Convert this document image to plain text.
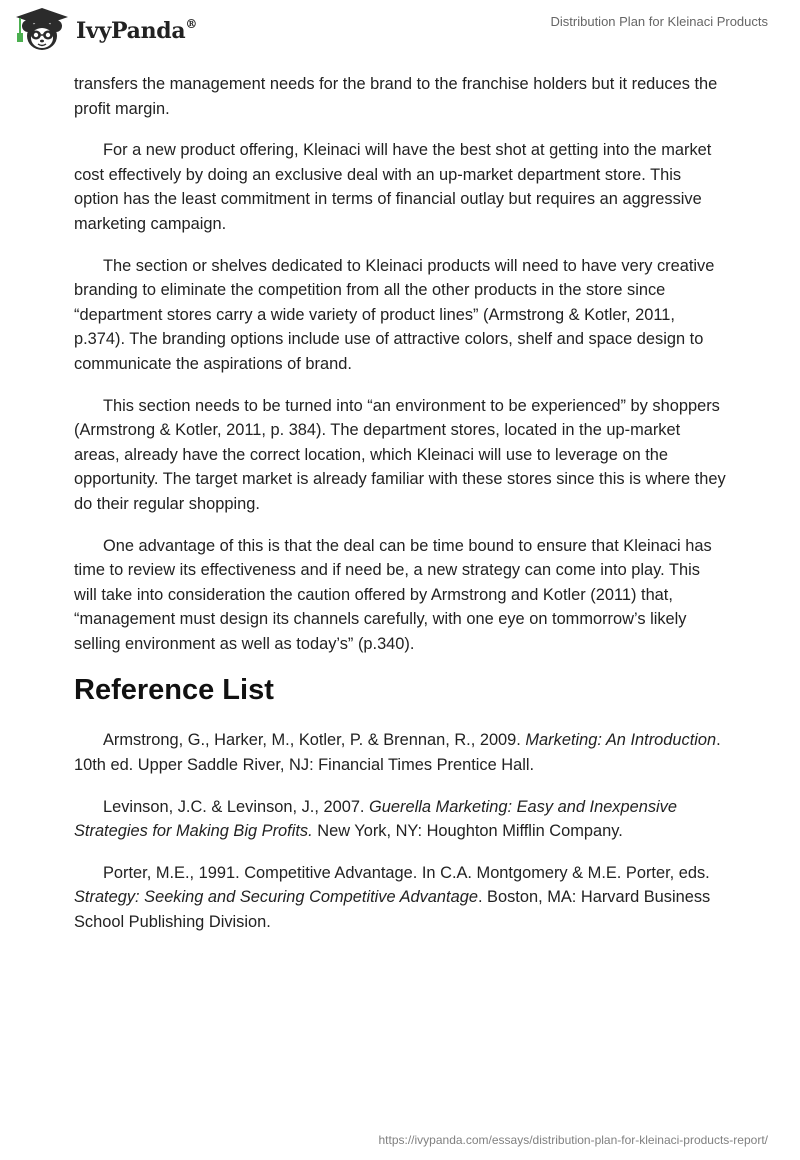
IvyPanda®	Distribution Plan for Kleinaci Products

transfers the management needs for the brand to the franchise holders but it reduces the profit margin.

For a new product offering, Kleinaci will have the best shot at getting into the market cost effectively by doing an exclusive deal with an up-market department store. This option has the least commitment in terms of financial outlay but requires an aggressive marketing campaign.

The section or shelves dedicated to Kleinaci products will need to have very creative branding to eliminate the competition from all the other products in the store since “department stores carry a wide variety of product lines” (Armstrong & Kotler, 2011, p.374). The branding options include use of attractive colors, shelf and space design to communicate the aspirations of brand.

This section needs to be turned into “an environment to be experienced” by shoppers (Armstrong & Kotler, 2011, p. 384). The department stores, located in the up-market areas, already have the correct location, which Kleinaci will use to leverage on the opportunity. The target market is already familiar with these stores since this is where they do their regular shopping.

One advantage of this is that the deal can be time bound to ensure that Kleinaci has time to review its effectiveness and if need be, a new strategy can come into play. This will take into consideration the caution offered by Armstrong and Kotler (2011) that, “management must design its channels carefully, with one eye on tommorrow’s likely selling environment as well as today’s” (p.340).

Reference List

Armstrong, G., Harker, M., Kotler, P. & Brennan, R., 2009. Marketing: An Introduction. 10th ed. Upper Saddle River, NJ: Financial Times Prentice Hall.

Levinson, J.C. & Levinson, J., 2007. Guerella Marketing: Easy and Inexpensive Strategies for Making Big Profits. New York, NY: Houghton Mifflin Company.

Porter, M.E., 1991. Competitive Advantage. In C.A. Montgomery & M.E. Porter, eds. Strategy: Seeking and Securing Competitive Advantage. Boston, MA: Harvard Business School Publishing Division.

https://ivypanda.com/essays/distribution-plan-for-kleinaci-products-report/
